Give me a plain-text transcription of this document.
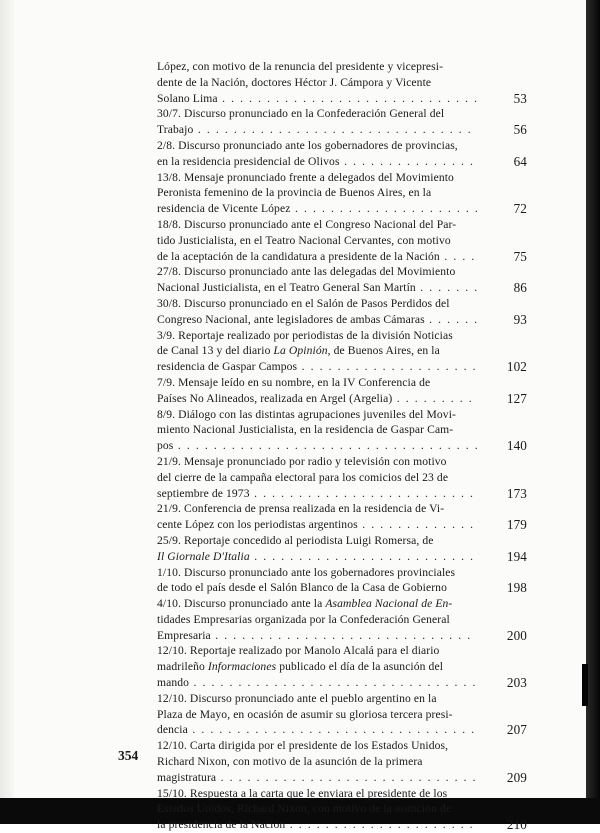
López, con motivo de la renuncia del presidente y vicepresi-
dente de la Nación, doctores Héctor J. Cámpora y Vicente
Solano Lima . . .	53
30/7. Discurso pronunciado en la Confederación General del
Trabajo . . .	56
2/8. Discurso pronunciado ante los gobernadores de provincias,
en la residencia presidencial de Olivos . . .	64
13/8. Mensaje pronunciado frente a delegados del Movimiento
Peronista femenino de la provincia de Buenos Aires, en la
residencia de Vicente López . . .	72
18/8. Discurso pronunciado ante el Congreso Nacional del Par-
tido Justicialista, en el Teatro Nacional Cervantes, con motivo
de la aceptación de la candidatura a presidente de la Nación . . .	75
27/8. Discurso pronunciado ante las delegadas del Movimiento
Nacional Justicialista, en el Teatro General San Martín . . .	86
30/8. Discurso pronunciado en el Salón de Pasos Perdidos del
Congreso Nacional, ante legisladores de ambas Cámaras . . .	93
3/9. Reportaje realizado por periodistas de la división Noticias
de Canal 13 y del diario La Opinión, de Buenos Aires, en la
residencia de Gaspar Campos . . .	102
7/9. Mensaje leído en su nombre, en la IV Conferencia de
Países No Alineados, realizada en Argel (Argelia) . . .	127
8/9. Diálogo con las distintas agrupaciones juveniles del Movi-
miento Nacional Justicialista, en la residencia de Gaspar Cam-
pos . . .	140
21/9. Mensaje pronunciado por radio y televisión con motivo
del cierre de la campaña electoral para los comicios del 23 de
septiembre de 1973 . . .	173
21/9. Conferencia de prensa realizada en la residencia de Vi-
cente López con los periodistas argentinos . . .	179
25/9. Reportaje concedido al periodista Luigi Romersa, de
Il Giornale D'Italia . . .	194
1/10. Discurso pronunciado ante los gobernadores provinciales
de todo el país desde el Salón Blanco de la Casa de Gobierno	198
4/10. Discurso pronunciado ante la Asamblea Nacional de En-
tidades Empresarias organizada por la Confederación General
Empresaria . . .	200
12/10. Reportaje realizado por Manolo Alcalá para el diario
madrileño Informaciones publicado el día de la asunción del
mando . . .	203
12/10. Discurso pronunciado ante el pueblo argentino en la
Plaza de Mayo, en ocasión de asumir su gloriosa tercera presi-
dencia . . .	207
12/10. Carta dirigida por el presidente de los Estados Unidos,
Richard Nixon, con motivo de la asunción de la primera
magistratura . . .	209
15/10. Respuesta a la carta que le enviara el presidente de los
Estados Unidos, Richard Nixon, con motivo de la asunción de
la presidencia de la Nación . . .	210
354
